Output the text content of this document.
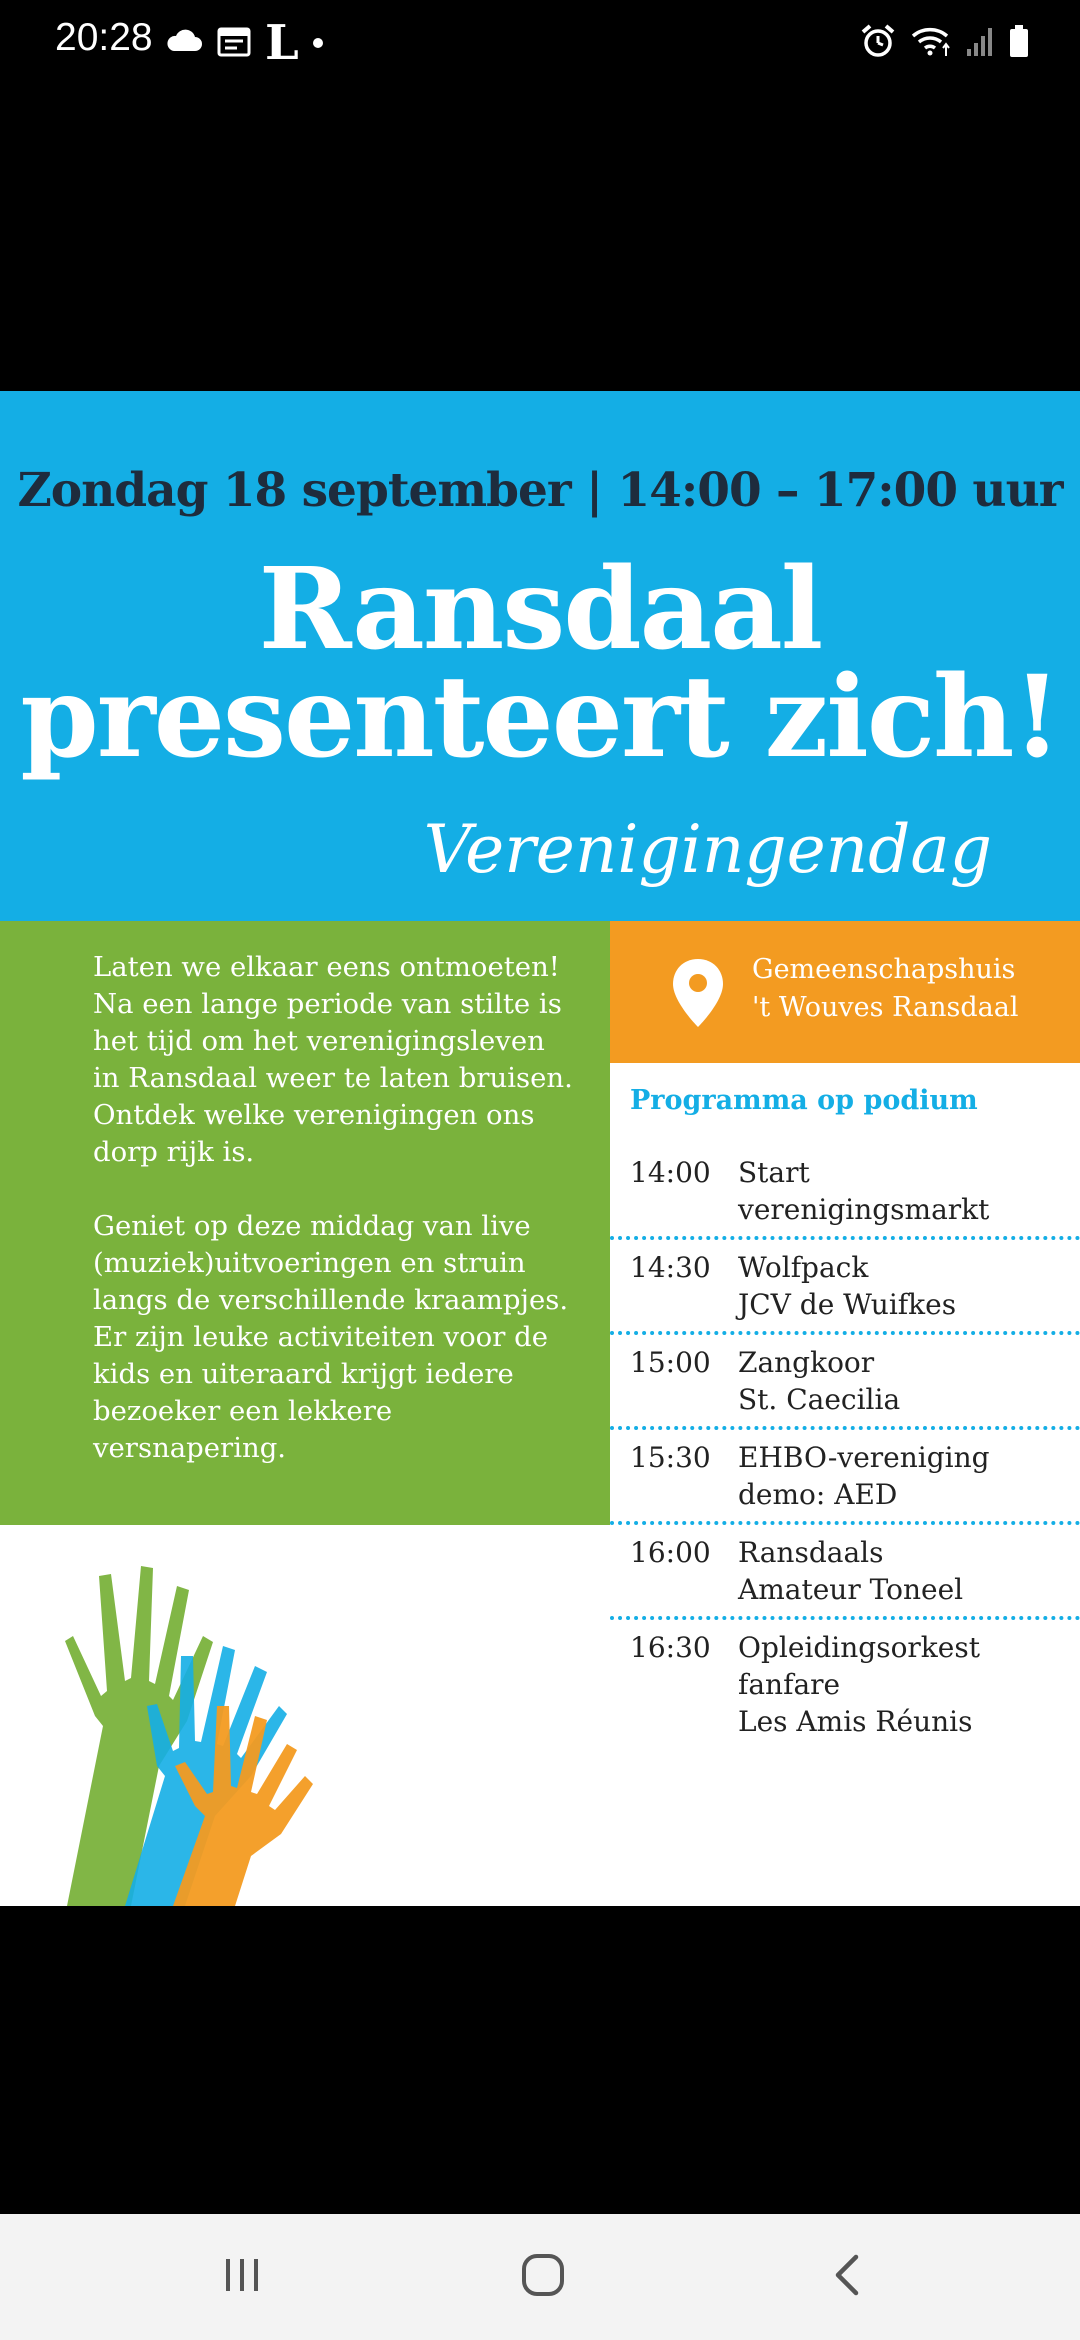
20:28 L
Zondag 18 september | 14:00 – 17:00 uur
Ransdaal
presenteert zich!
Verenigingendag

Laten we elkaar eens ontmoeten!
Na een lange periode van stilte is
het tijd om het verenigingsleven
in Ransdaal weer te laten bruisen.
Ontdek welke verenigingen ons
dorp rijk is.

Geniet op deze middag van live
(muziek)uitvoeringen en struin
langs de verschillende kraampjes.
Er zijn leuke activiteiten voor de
kids en uiteraard krijgt iedere
bezoeker een lekkere
versnapering.

Gemeenschapshuis
't Wouves Ransdaal
Programma op podium
14:00 Start
verenigingsmarkt
14:30 Wolfpack
JCV de Wuifkes
15:00 Zangkoor
St. Caecilia
15:30 EHBO-vereniging
demo: AED
16:00 Ransdaals
Amateur Toneel
16:30 Opleidingsorkest
fanfare
Les Amis Réunis
